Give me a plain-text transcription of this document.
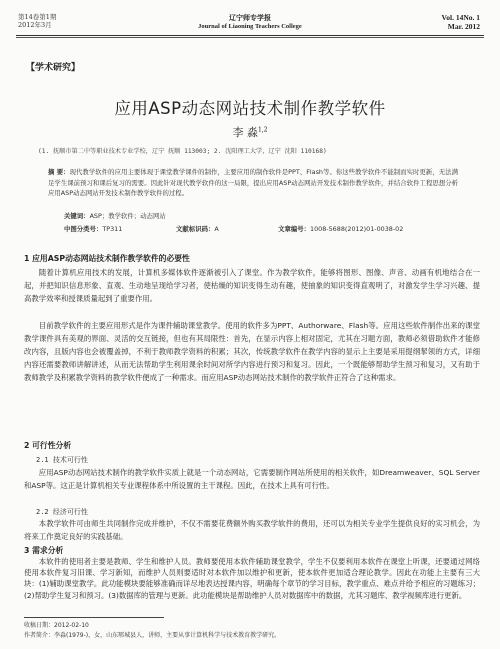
第14卷第1期
2012年3月
辽宁师专学报
Journal of Liaoning Teachers College
Vol. 14No. 1
Mar. 2012
【学术研究】
应用ASP动态网站技术制作教学软件
李 淼$^{1,2}$
(1. 抚顺市第二中等职业技术专业学校，辽宁 抚顺 113003; 2. 沈阳理工大学，辽宁 沈阳 110168)
摘 要：现代教学软件的应用主要体现于课堂教学课件的制作，主要应用的制作软件是PPT、Flash等。你这些教学软件不能制而实时更新，无法满足学生课前预习和课后复习的需要。因此针对现代教学软件的这一局限，提出应用ASP动态网站开发技术制作教学软件，并结合软件工程思想分析应用ASP动态网站开发技术制作教学软件的过程。
关键词：ASP；教学软件；动态网站
中图分类号：TP311	文献标识码：A	文章编号：1008-5688(2012)01-0038-02
1 应用ASP动态网站技术制作教学软件的必要性
随着计算机应用技术的发展，计算机多媒体软件逐渐被引入了课堂。作为教学软件，能够将图形、图像、声音、动画有机地结合在一起，并把知识信息形象、直观、生动地呈现给学习者，使枯燥的知识变得生动有趣，使抽象的知识变得直观明了，对激发学生学习兴趣、提高教学效率和授课质量起到了重要作用。
目前教学软件的主要应用形式是作为课件辅助课堂教学。使用的软件多为PPT、Authorware、Flash等。应用这些软件制作出来的课堂教学课件具有美观的界面、灵活的交互链接，但也有其局限性：首先，在显示内容上相对固定，尤其在习题方面，教师必须借助软件才能修改内容，且版内容也会被覆盖掉，不利于教师教学资料的积累；其次，传统教学软件在教学内容的显示上主要是采用提纲挈领的方式，详细内容还需要教师讲解讲述，从而无法帮助学生利用课余时间对所学内容进行预习和复习。因此，一个既能够帮助学生预习和复习，又有助于教师教学及积累教学资料的教学软件便成了一种需求。而应用ASP动态网站技术制作的教学软件正符合了这种需求。
2 可行性分析
2.1 技术可行性
应用ASP动态网站技术制作的教学软件实质上就是一个动态网站，它需要制作网站所使用的相关软件，如Dreamweaver、SQL Server和ASP等。这正是计算机相关专业课程体系中所设置的主干课程。因此，在技术上具有可行性。
2.2 经济可行性
本教学软件可由师生共同制作完成并维护，不仅不需要花费额外购买教学软件的费用，还可以为相关专业学生提供良好的实习机会，为将来工作奠定良好的实践基础。
3 需求分析
本软件的使用者主要是教师、学生和维护人员。教师要使用本软件辅助课堂教学，学生不仅要利用本软件在课堂上听课，还要通过网络使用本软件复习旧课、学习新知，而维护人员则要适时对本软件加以维护和更新，使本软件更加适合理论教学。因此在功能上主要有三大块：(1)辅助课堂教学。此功能模块要能够准确而详尽地表达授课内容，明确每个章节的学习目标，教学重点、难点并给予相应的习题练习；(2)帮助学生复习和预习。(3)数据库的管理与更新。此功能模块是帮助维护人员对数据库中的数据，尤其习题库、教学视频库进行更新。
收稿日期：2012-02-10
作者简介：李淼(1979-)，女，山东郓城县人，讲师，主要从事计算机科学与技术教育教学研究。
